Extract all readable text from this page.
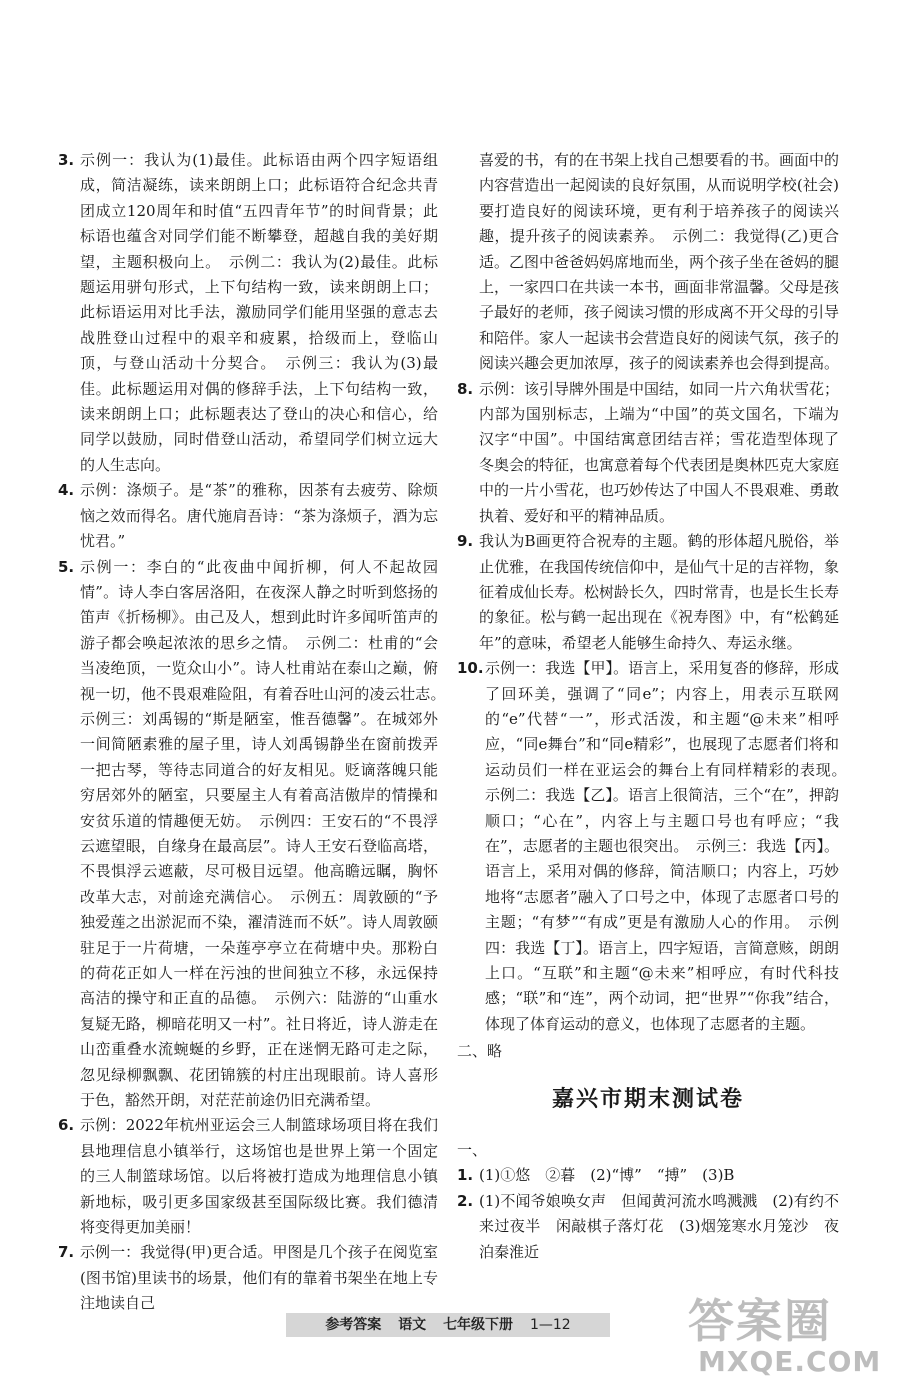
3. 示例一：我认为(1)最佳。此标语由两个四字短语组成，简洁凝练，读来朗朗上口；此标语符合纪念共青团成立120周年和时值“五四青年节”的时间背景；此标语也蕴含对同学们能不断攀登，超越自我的美好期望，主题积极向上。　示例二：我认为(2)最佳。此标题运用骈句形式，上下句结构一致，读来朗朗上口；此标语运用对比手法，激励同学们能用坚强的意志去战胜登山过程中的艰辛和疲累，拾级而上，登临山顶，与登山活动十分契合。　示例三：我认为(3)最佳。此标题运用对偶的修辞手法，上下句结构一致，读来朗朗上口；此标题表达了登山的决心和信心，给同学以鼓励，同时借登山活动，希望同学们树立远大的人生志向。
4. 示例：涤烦子。是“茶”的雅称，因茶有去疲劳、除烦恼之效而得名。唐代施肩吾诗：“茶为涤烦子，酒为忘忧君。”
5. 示例一：李白的“此夜曲中闻折柳，何人不起故园情”。诗人李白客居洛阳，在夜深人静之时听到悠扬的笛声《折杨柳》。由己及人，想到此时许多闻听笛声的游子都会唤起浓浓的思乡之情。　示例二：杜甫的“会当凌绝顶，一览众山小”。诗人杜甫站在泰山之巅，俯视一切，他不畏艰难险阻，有着吞吐山河的凌云壮志。　示例三：刘禹锡的“斯是陋室，惟吾德馨”。在城郊外一间简陋素雅的屋子里，诗人刘禹锡静坐在窗前拨弄一把古琴，等待志同道合的好友相见。贬谪落魄只能穷居郊外的陋室，只要屋主人有着高洁傲岸的情操和安贫乐道的情趣便无妨。　示例四：王安石的“不畏浮云遮望眼，自缘身在最高层”。诗人王安石登临高塔，不畏惧浮云遮蔽，尽可极目远望。他高瞻远瞩，胸怀改革大志，对前途充满信心。　示例五：周敦颐的“予独爱莲之出淤泥而不染，濯清涟而不妖”。诗人周敦颐驻足于一片荷塘，一朵莲亭亭立在荷塘中央。那粉白的荷花正如人一样在污浊的世间独立不移，永远保持高洁的操守和正直的品德。　示例六：陆游的“山重水复疑无路，柳暗花明又一村”。社日将近，诗人游走在山峦重叠水流蜿蜒的乡野，正在迷惘无路可走之际，忽见绿柳飘飘、花团锦簇的村庄出现眼前。诗人喜形于色，豁然开朗，对茫茫前途仍旧充满希望。
6. 示例：2022年杭州亚运会三人制篮球场项目将在我们县地理信息小镇举行，这场馆也是世界上第一个固定的三人制篮球场馆。以后将被打造成为地理信息小镇新地标，吸引更多国家级甚至国际级比赛。我们德清将变得更加美丽！
7. 示例一：我觉得(甲)更合适。甲图是几个孩子在阅览室(图书馆)里读书的场景，他们有的靠着书架坐在地上专注地读自己
喜爱的书，有的在书架上找自己想要看的书。画面中的内容营造出一起阅读的良好氛围，从而说明学校(社会)要打造良好的阅读环境，更有利于培养孩子的阅读兴趣，提升孩子的阅读素养。　示例二：我觉得(乙)更合适。乙图中爸爸妈妈席地而坐，两个孩子坐在爸妈的腿上，一家四口在共读一本书，画面非常温馨。父母是孩子最好的老师，孩子阅读习惯的形成离不开父母的引导和陪伴。家人一起读书会营造良好的阅读气氛，孩子的阅读兴趣会更加浓厚，孩子的阅读素养也会得到提高。
8. 示例：该引导牌外围是中国结，如同一片六角状雪花；内部为国别标志，上端为“中国”的英文国名，下端为汉字“中国”。中国结寓意团结吉祥；雪花造型体现了冬奥会的特征，也寓意着每个代表团是奥林匹克大家庭中的一片小雪花，也巧妙传达了中国人不畏艰难、勇敢执着、爱好和平的精神品质。
9. 我认为B画更符合祝寿的主题。鹤的形体超凡脱俗，举止优雅，在我国传统信仰中，是仙气十足的吉祥物，象征着成仙长寿。松树龄长久，四时常青，也是长生长寿的象征。松与鹤一起出现在《祝寿图》中，有“松鹤延年”的意味，希望老人能够生命持久、寿运永继。
10. 示例一：我选【甲】。语言上，采用复沓的修辞，形成了回环美，强调了“同e”；内容上，用表示互联网的“e”代替“一”，形式活泼，和主题“@未来”相呼应，“同e舞台”和“同e精彩”，也展现了志愿者们将和运动员们一样在亚运会的舞台上有同样精彩的表现。　示例二：我选【乙】。语言上很简洁，三个“在”，押韵顺口；“心在”，内容上与主题口号也有呼应；“我在”，志愿者的主题也很突出。　示例三：我选【丙】。语言上，采用对偶的修辞，简洁顺口；内容上，巧妙地将“志愿者”融入了口号之中，体现了志愿者口号的主题；“有梦”“有成”更是有激励人心的作用。　示例四：我选【丁】。语言上，四字短语，言简意赅，朗朗上口。“互联”和主题“@未来”相呼应，有时代科技感；“联”和“连”，两个动词，把“世界”“你我”结合，体现了体育运动的意义，也体现了志愿者的主题。
二、略
嘉兴市期末测试卷
一、
1. (1)①悠　②暮　(2)“博”　“搏”　(3)B
2. (1)不闻爷娘唤女声　但闻黄河流水鸣溅溅　(2)有约不来过夜半　闲敲棋子落灯花　(3)烟笼寒水月笼沙　夜泊秦淮近
参考答案 语文 七年级下册 1—12	答案圈
MXQE.COM
